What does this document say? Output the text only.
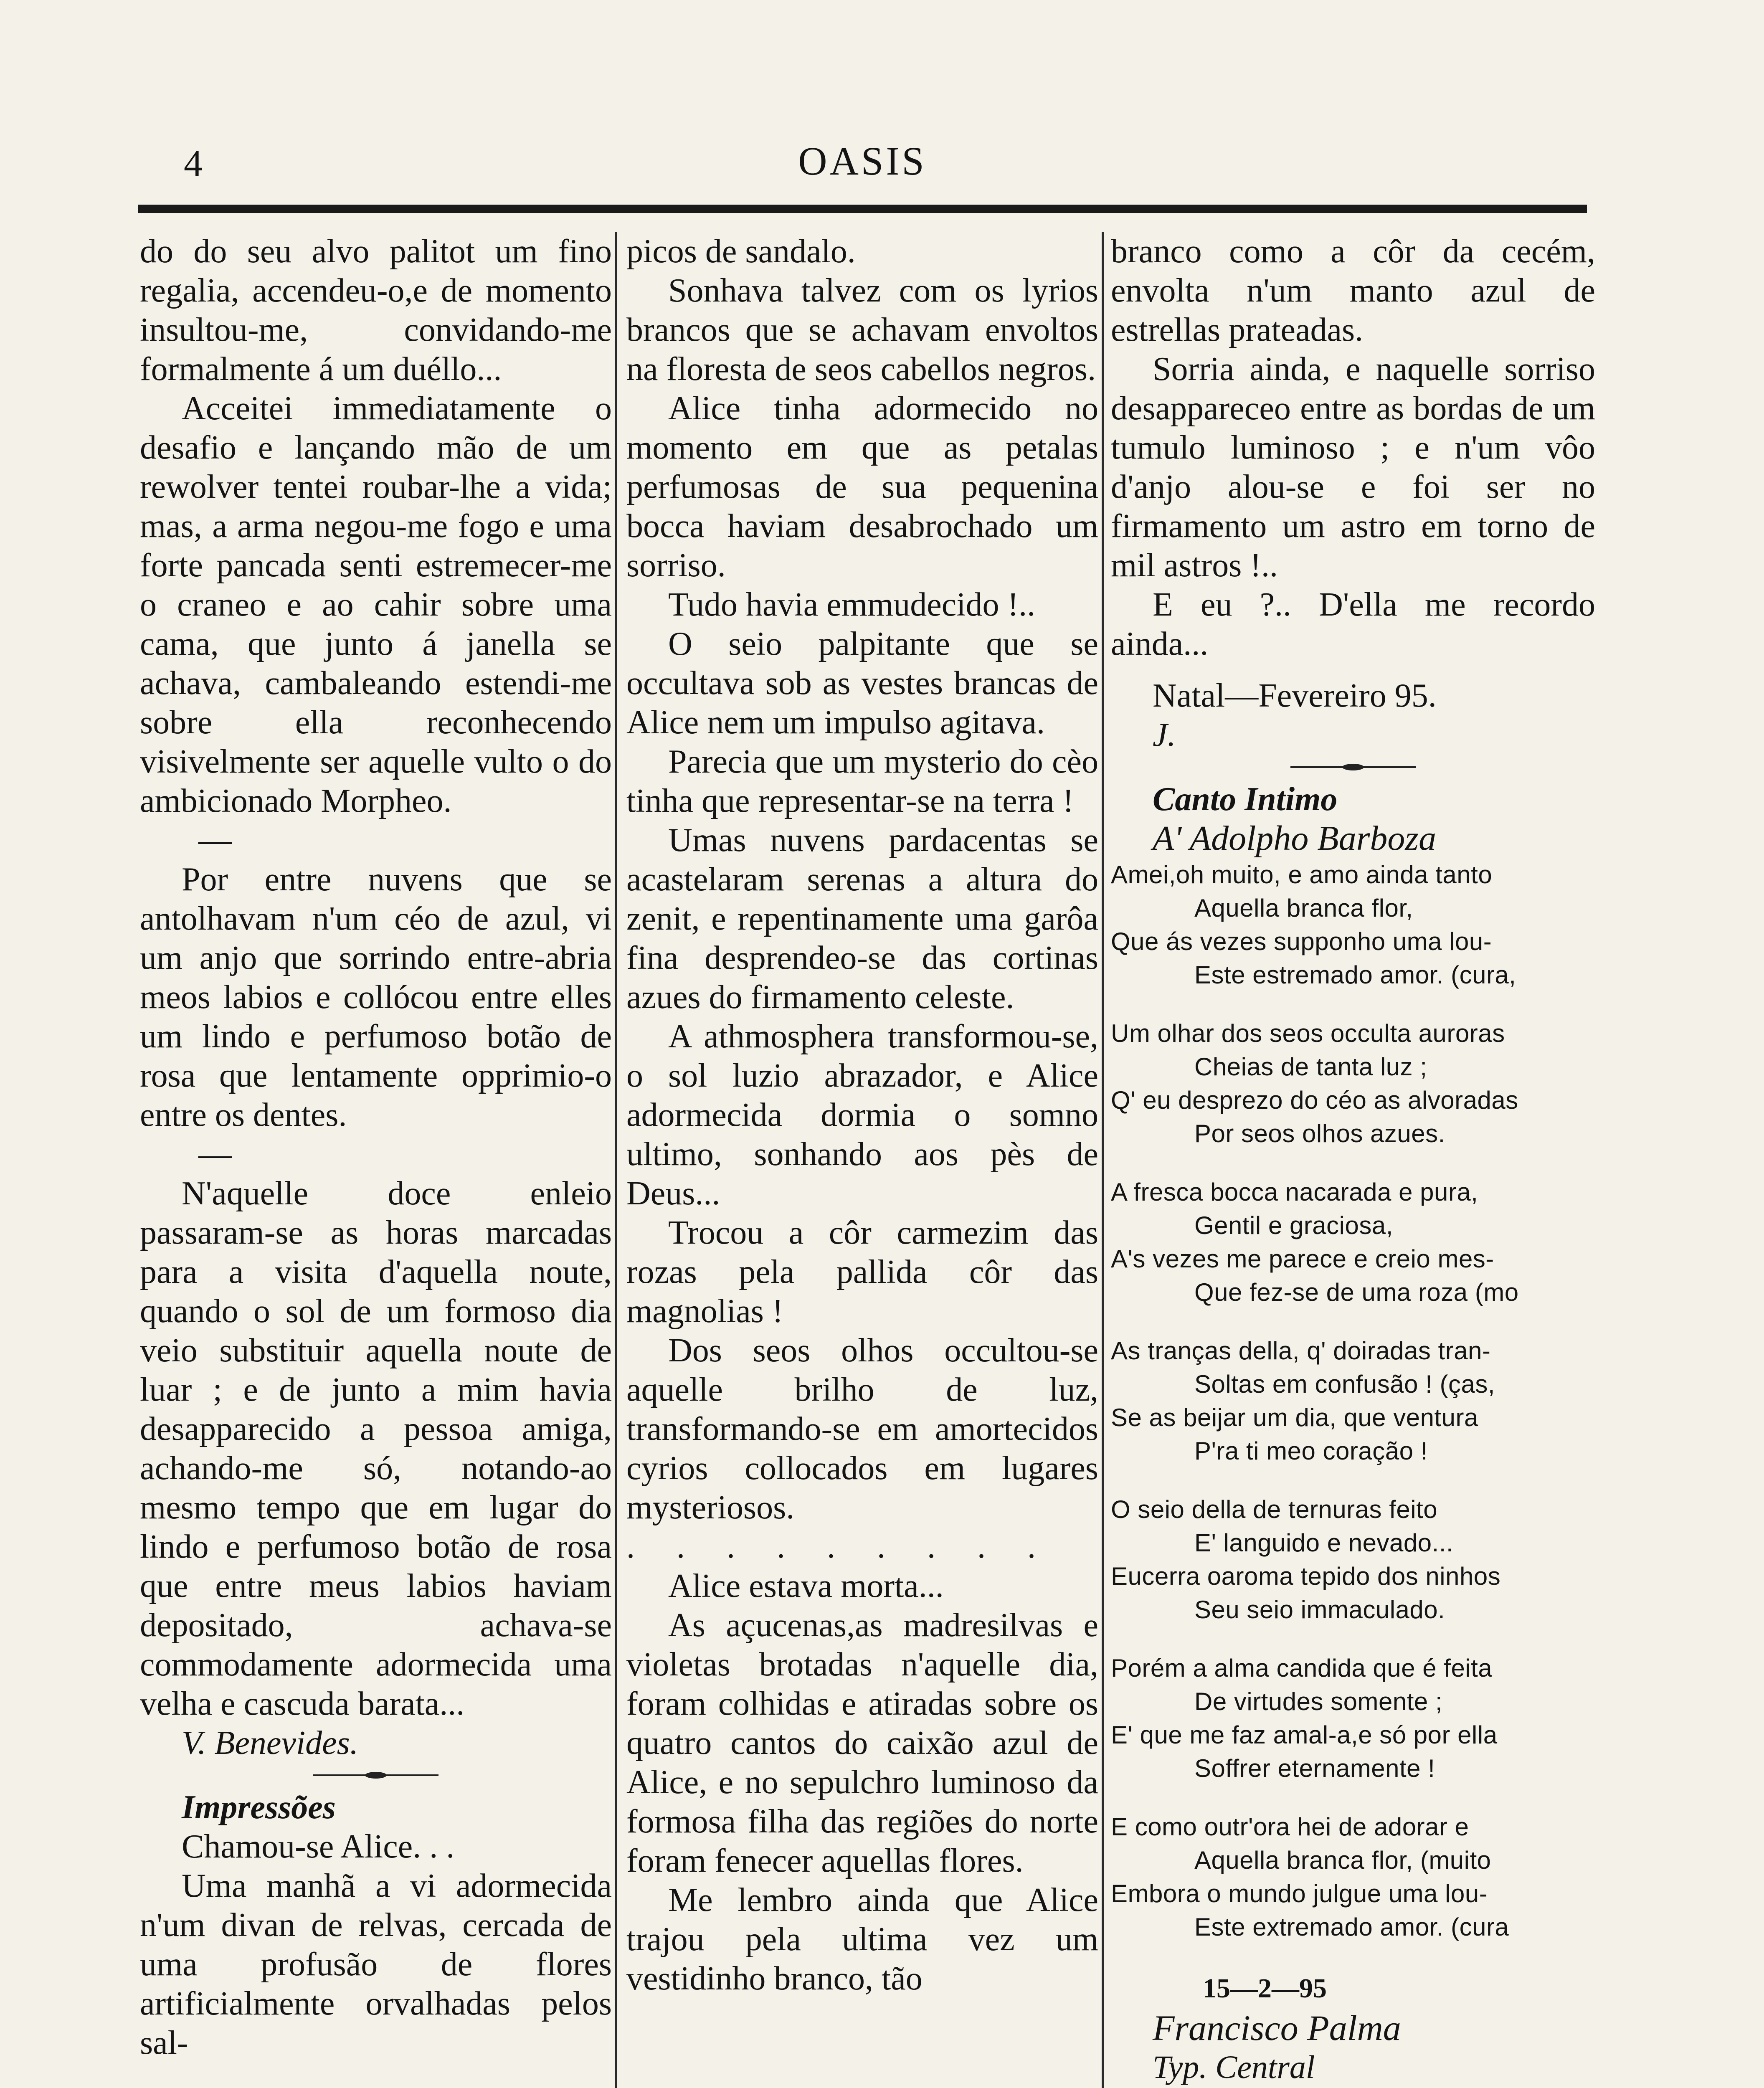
4	OASIS

do do seu alvo palitot um fino regalia, accendeu-o,e de momento insultou-me, convidando-me formalmente á um duéllo...

Acceitei immediatamente o desafio e lançando mão de um rewolver tentei roubar-lhe a vida; mas, a arma negou-me fogo e uma forte pancada senti estremecer-me o craneo e ao cahir sobre uma cama, que junto á janella se achava, cambaleando estendi-me sobre ella reconhecendo visivelmente ser aquelle vulto o do ambicionado Morpheo.

—

Por entre nuvens que se antolhavam n'um céo de azul, vi um anjo que sorrindo entre-abria meos labios e collócou entre elles um lindo e perfumoso botão de rosa que lentamente opprimio-o entre os dentes.

—

N'aquelle doce enleio passaram-se as horas marcadas para a visita d'aquella noute, quando o sol de um formoso dia veio substituir aquella noute de luar ; e de junto a mim havia desapparecido a pessoa amiga, achando-me só, notando-ao mesmo tempo que em lugar do lindo e perfumoso botão de rosa que entre meus labios haviam depositado, achava-se commodamente adormecida uma velha e cascuda barata...

V. Benevides.

Impressões

Chamou-se Alice. . .

Uma manhã a vi adormecida n'um divan de relvas, cercada de uma profusão de flores artificialmente orvalhadas pelos sal-

picos de sandalo.

Sonhava talvez com os lyrios brancos que se achavam envoltos na floresta de seos cabellos negros.

Alice tinha adormecido no momento em que as petalas perfumosas de sua pequenina bocca haviam desabrochado um sorriso.

Tudo havia emmudecido !..

O seio palpitante que se occultava sob as vestes brancas de Alice nem um impulso agitava.

Parecia que um mysterio do cèo tinha que representar-se na terra !

Umas nuvens pardacentas se acastelaram serenas a altura do zenit, e repentinamente uma garôa fina desprendeo-se das cortinas azues do firmamento celeste.

A athmosphera transformou-se, o sol luzio abrazador, e Alice adormecida dormia o somno ultimo, sonhando aos pès de Deus...

Trocou a côr carmezim das rozas pela pallida côr das magnolias !

Dos seos olhos occultou-se aquelle brilho de luz, transformando-se em amortecidos cyrios collocados em lugares mysteriosos.

. . . . . . . . .

Alice estava morta...

As açucenas,as madresilvas e violetas brotadas n'aquelle dia, foram colhidas e atiradas sobre os quatro cantos do caixão azul de Alice, e no sepulchro luminoso da formosa filha das regiões do norte foram fenecer aquellas flores.

Me lembro ainda que Alice trajou pela ultima vez um vestidinho branco, tão

branco como a côr da cecém, envolta n'um manto azul de estrellas prateadas.

Sorria ainda, e naquelle sorriso desappareceo entre as bordas de um tumulo luminoso ; e n'um vôo d'anjo alou-se e foi ser no firmamento um astro em torno de mil astros !..

E eu ?.. D'ella me recordo ainda...

Natal—Fevereiro 95.

J.

Canto Intimo

A' Adolpho Barboza

Amei,oh muito, e amo ainda tanto
Aquella branca flor,
Que ás vezes supponho uma lou-
Este estremado amor. (cura,
Um olhar dos seos occulta auroras
Cheias de tanta luz ;
Q' eu desprezo do céo as alvoradas
Por seos olhos azues.
A fresca bocca nacarada e pura,
Gentil e graciosa,
A's vezes me parece e creio mes-
Que fez-se de uma roza (mo
As tranças della, q' doiradas tran-
Soltas em confusão ! (ças,
Se as beijar um dia, que ventura
P'ra ti meo coração !
O seio della de ternuras feito
E' languido e nevado...
Eucerra oaroma tepido dos ninhos
Seu seio immaculado.
Porém a alma candida que é feita
De virtudes somente ;
E' que me faz amal-a,e só por ella
Soffrer eternamente !
E como outr'ora hei de adorar e
Aquella branca flor, (muito
Embora o mundo julgue uma lou-
Este extremado amor. (cura

15—2—95

Francisco Palma

Typ. Central
